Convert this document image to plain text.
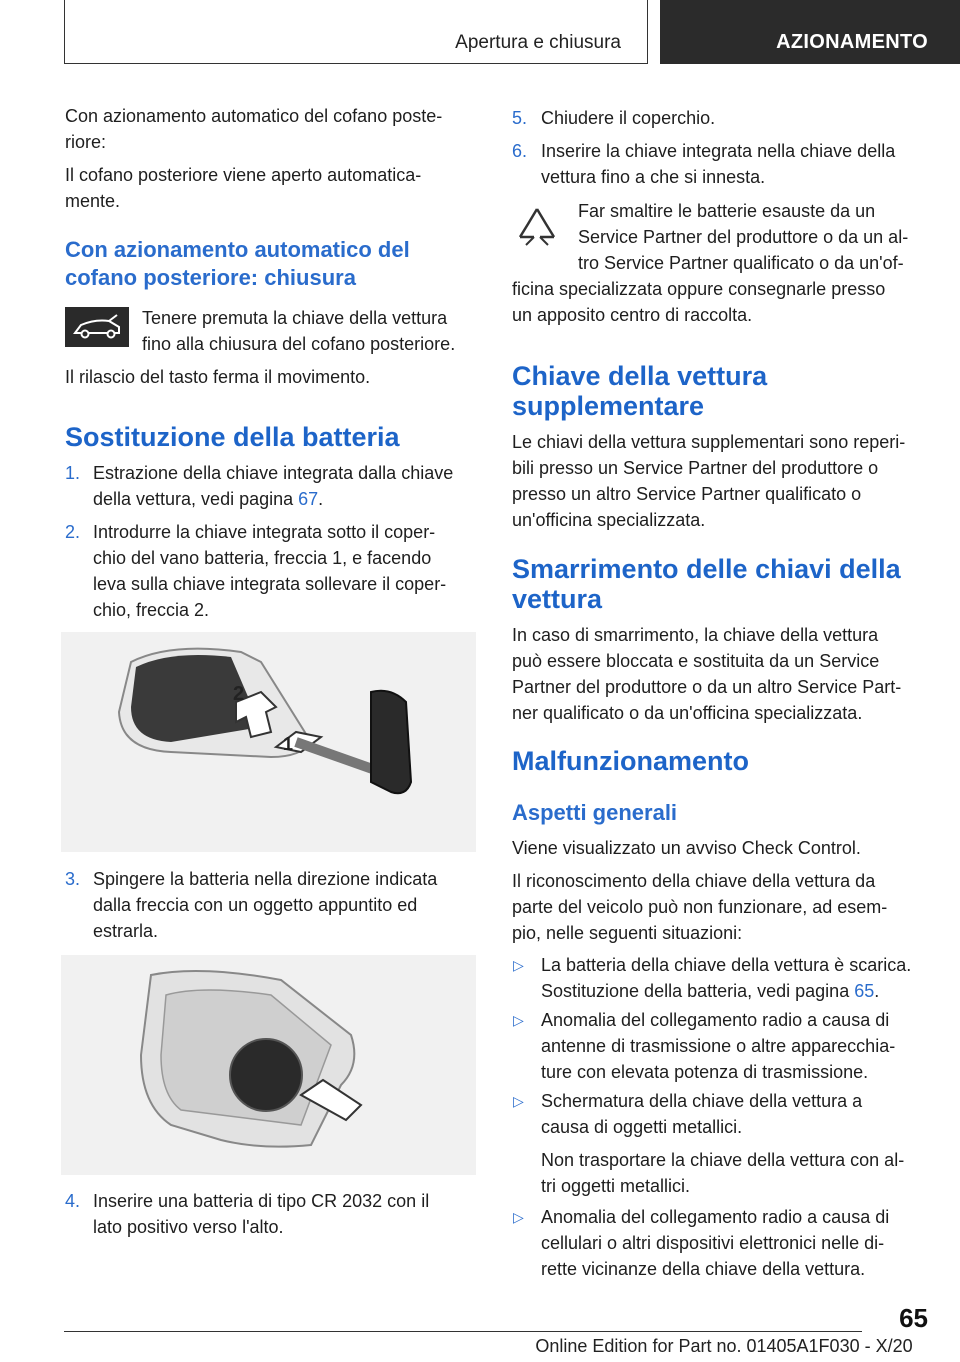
Apertura e chiusura	AZIONAMENTO

Con azionamento automatico del cofano poste‐

riore:

Il cofano posteriore viene aperto automatica‐

mente.

Con azionamento automatico del
cofano posteriore: chiusura

Tenere premuta la chiave della vettura

fino alla chiusura del cofano posteriore.

Il rilascio del tasto ferma il movimento.

Sostituzione della batteria
1. Estrazione della chiave integrata dalla chiave

della vettura, vedi pagina 67.

2. Introdurre la chiave integrata sotto il coper‐

chio del vano batteria, freccia 1, e facendo

leva sulla chiave integrata sollevare il coper‐

chio, freccia 2.

2
1
3. Spingere la batteria nella direzione indicata

dalla freccia con un oggetto appuntito ed

estrarla.

4. Inserire una batteria di tipo CR 2032 con il

lato positivo verso l'alto.

5. Chiudere il coperchio.

6. Inserire la chiave integrata nella chiave della

vettura fino a che si innesta.

Far smaltire le batterie esauste da un

Service Partner del produttore o da un al‐

tro Service Partner qualificato o da un'of‐

ficina specializzata oppure consegnarle presso

un apposito centro di raccolta.

Chiave della vettura
supplementare

Le chiavi della vettura supplementari sono reperi‐

bili presso un Service Partner del produttore o

presso un altro Service Partner qualificato o

un'officina specializzata.

Smarrimento delle chiavi della
vettura

In caso di smarrimento, la chiave della vettura

può essere bloccata e sostituita da un Service

Partner del produttore o da un altro Service Part‐

ner qualificato o da un'officina specializzata.

Malfunzionamento
Aspetti generali

Viene visualizzato un avviso Check Control.

Il riconoscimento della chiave della vettura da

parte del veicolo può non funzionare, ad esem‐

pio, nelle seguenti situazioni:

▷ La batteria della chiave della vettura è scarica.

Sostituzione della batteria, vedi pagina 65.

▷ Anomalia del collegamento radio a causa di

antenne di trasmissione o altre apparecchia‐

ture con elevata potenza di trasmissione.

▷ Schermatura della chiave della vettura a

causa di oggetti metallici.

Non trasportare la chiave della vettura con al‐

tri oggetti metallici.

▷ Anomalia del collegamento radio a causa di

cellulari o altri dispositivi elettronici nelle di‐

rette vicinanze della chiave della vettura.

65
Online Edition for Part no. 01405A1F030 - X/20
